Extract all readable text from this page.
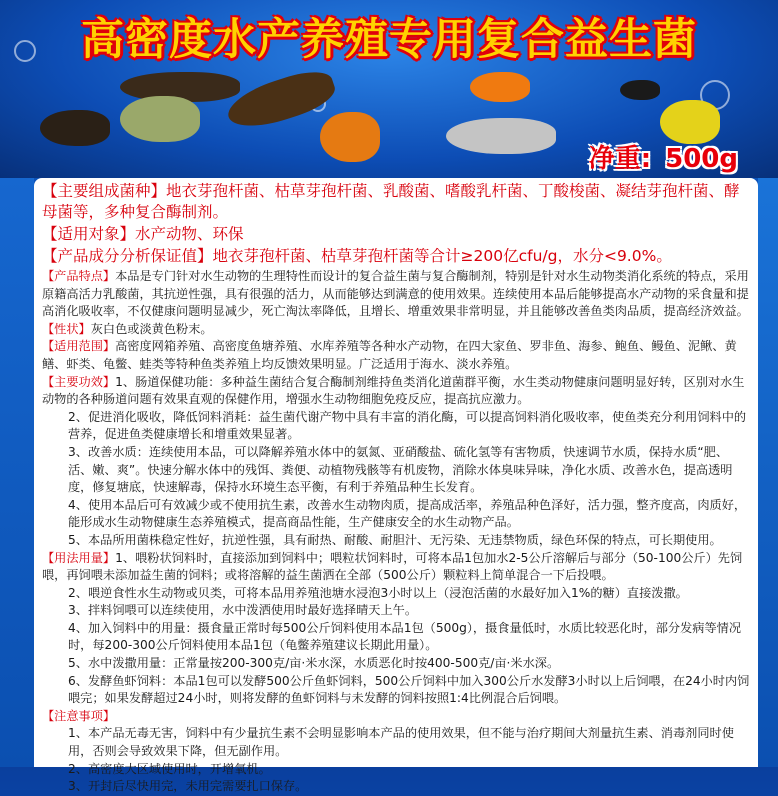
高密度水产养殖专用复合益生菌
净重: 500g

【主要组成菌种】地衣芽孢杆菌、枯草芽孢杆菌、乳酸菌、嗜酸乳杆菌、丁酸梭菌、凝结芽孢杆菌、酵母菌等，多种复合酶制剂。

【适用对象】水产动物、环保

【产品成分分析保证值】地衣芽孢杆菌、枯草芽孢杆菌等合计≥200亿cfu/g，水分<9.0%。

【产品特点】本品是专门针对水生动物的生理特性而设计的复合益生菌与复合酶制剂，特别是针对水生动物类消化系统的特点，采用原籍高活力乳酸菌，其抗逆性强，具有很强的活力，从而能够达到满意的使用效果。连续使用本品后能够提高水产动物的采食量和提高消化吸收率，不仅健康问题明显减少，死亡淘汰率降低，且增长、增重效果非常明显，并且能够改善鱼类肉品质，提高经济效益。

【性状】灰白色或淡黄色粉末。

【适用范围】高密度网箱养殖、高密度鱼塘养殖、水库养殖等各种水产动物，在四大家鱼、罗非鱼、海参、鲍鱼、鳗鱼、泥鳅、黄鳝、虾类、龟鳖、蛙类等特种鱼类养殖上均反馈效果明显。广泛适用于海水、淡水养殖。

【主要功效】1、肠道保健功能：多种益生菌结合复合酶制剂维持鱼类消化道菌群平衡，水生类动物健康问题明显好转，区别对水生动物的各种肠道问题有效果直观的保健作用，增强水生动物细胞免疫反应，提高抗应激力。

2、促进消化吸收，降低饲料消耗：益生菌代谢产物中具有丰富的消化酶，可以提高饲料消化吸收率，使鱼类充分利用饲料中的营养，促进鱼类健康增长和增重效果显著。

3、改善水质：连续使用本品，可以降解养殖水体中的氨氮、亚硝酸盐、硫化氢等有害物质，快速调节水质，保持水质“肥、活、嫩、爽”。快速分解水体中的残饵、粪便、动植物残骸等有机废物，消除水体臭味异味，净化水质、改善水色，提高透明度，修复塘底，快速解毒，保持水环境生态平衡，有利于养殖品种生长发育。

4、使用本品后可有效减少或不使用抗生素，改善水生动物肉质，提高成活率，养殖品种色泽好，活力强，整齐度高，肉质好，能形成水生动物健康生态养殖模式，提高商品性能，生产健康安全的水生动物产品。

5、本品所用菌株稳定性好，抗逆性强，具有耐热、耐酸、耐胆汁、无污染、无违禁物质，绿色环保的特点，可长期使用。

【用法用量】1、喂粉状饲料时，直接添加到饲料中；喂粒状饲料时，可将本品1包加水2-5公斤溶解后与部分（50-100公斤）先饲喂，再饲喂未添加益生菌的饲料；或将溶解的益生菌洒在全部（500公斤）颗粒料上简单混合一下后投喂。

2、喂逆食性水生动物或贝类，可将本品用养殖池塘水浸泡3小时以上（浸泡活菌的水最好加入1%的糖）直接泼撒。

3、拌料饲喂可以连续使用，水中泼洒使用时最好选择晴天上午。

4、加入饲料中的用量：摄食量正常时每500公斤饲料使用本品1包（500g），摄食量低时，水质比较恶化时，部分发病等情况时，每200-300公斤饲料使用本品1包（龟鳖养殖建议长期此用量）。

5、水中泼撒用量：正常量按200-300克/亩·米水深，水质恶化时按400-500克/亩·米水深。

6、发酵鱼虾饲料：本品1包可以发酵500公斤鱼虾饲料，500公斤饲料中加入300公斤水发酵3小时以上后饲喂，在24小时内饲喂完；如果发酵超过24小时，则将发酵的鱼虾饲料与未发酵的饲料按照1:4比例混合后饲喂。

【注意事项】

1、本产品无毒无害，饲料中有少量抗生素不会明显影响本产品的使用效果，但不能与治疗期间大剂量抗生素、消毒剂同时使用，否则会导致效果下降，但无副作用。

2、高密度大区域使用时，开增氧机。

3、开封后尽快用完，未用完需要扎口保存。
